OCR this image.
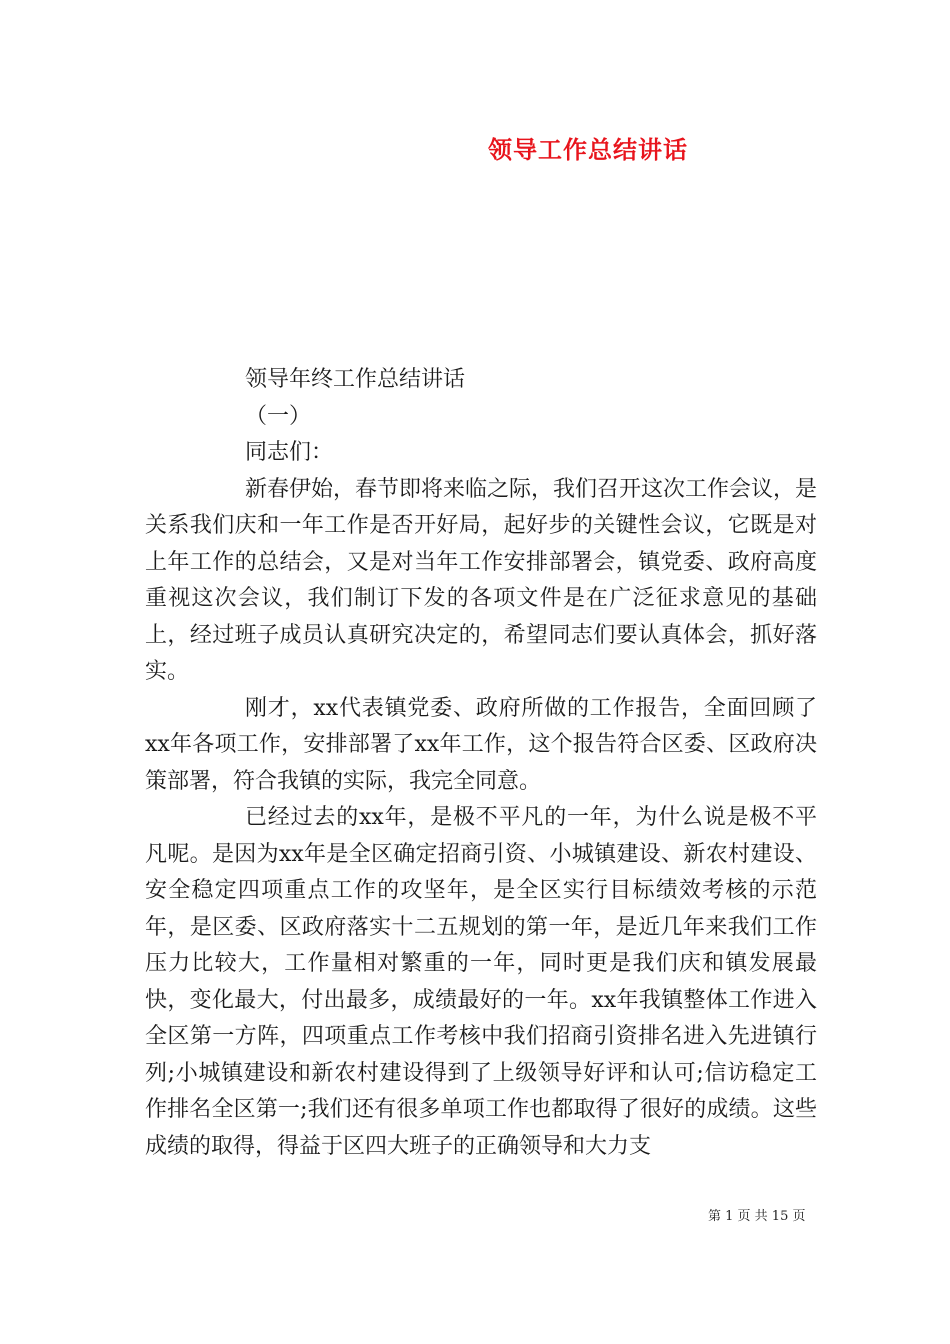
领导工作总结讲话

领导年终工作总结讲话

（一）

同志们：

新春伊始，春节即将来临之际，我们召开这次工作会议，是关系我们庆和一年工作是否开好局，起好步的关键性会议，它既是对上年工作的总结会，又是对当年工作安排部署会，镇党委、政府高度重视这次会议，我们制订下发的各项文件是在广泛征求意见的基础上，经过班子成员认真研究决定的，希望同志们要认真体会，抓好落实。

刚才，xx代表镇党委、政府所做的工作报告，全面回顾了xx年各项工作，安排部署了xx年工作，这个报告符合区委、区政府决策部署，符合我镇的实际，我完全同意。

已经过去的xx年，是极不平凡的一年，为什么说是极不平凡呢。是因为xx年是全区确定招商引资、小城镇建设、新农村建设、安全稳定四项重点工作的攻坚年，是全区实行目标绩效考核的示范年，是区委、区政府落实十二五规划的第一年，是近几年来我们工作压力比较大，工作量相对繁重的一年，同时更是我们庆和镇发展最快，变化最大，付出最多，成绩最好的一年。xx年我镇整体工作进入全区第一方阵，四项重点工作考核中我们招商引资排名进入先进镇行列;小城镇建设和新农村建设得到了上级领导好评和认可;信访稳定工作排名全区第一;我们还有很多单项工作也都取得了很好的成绩。这些成绩的取得，得益于区四大班子的正确领导和大力支

第 1 页 共 15 页
